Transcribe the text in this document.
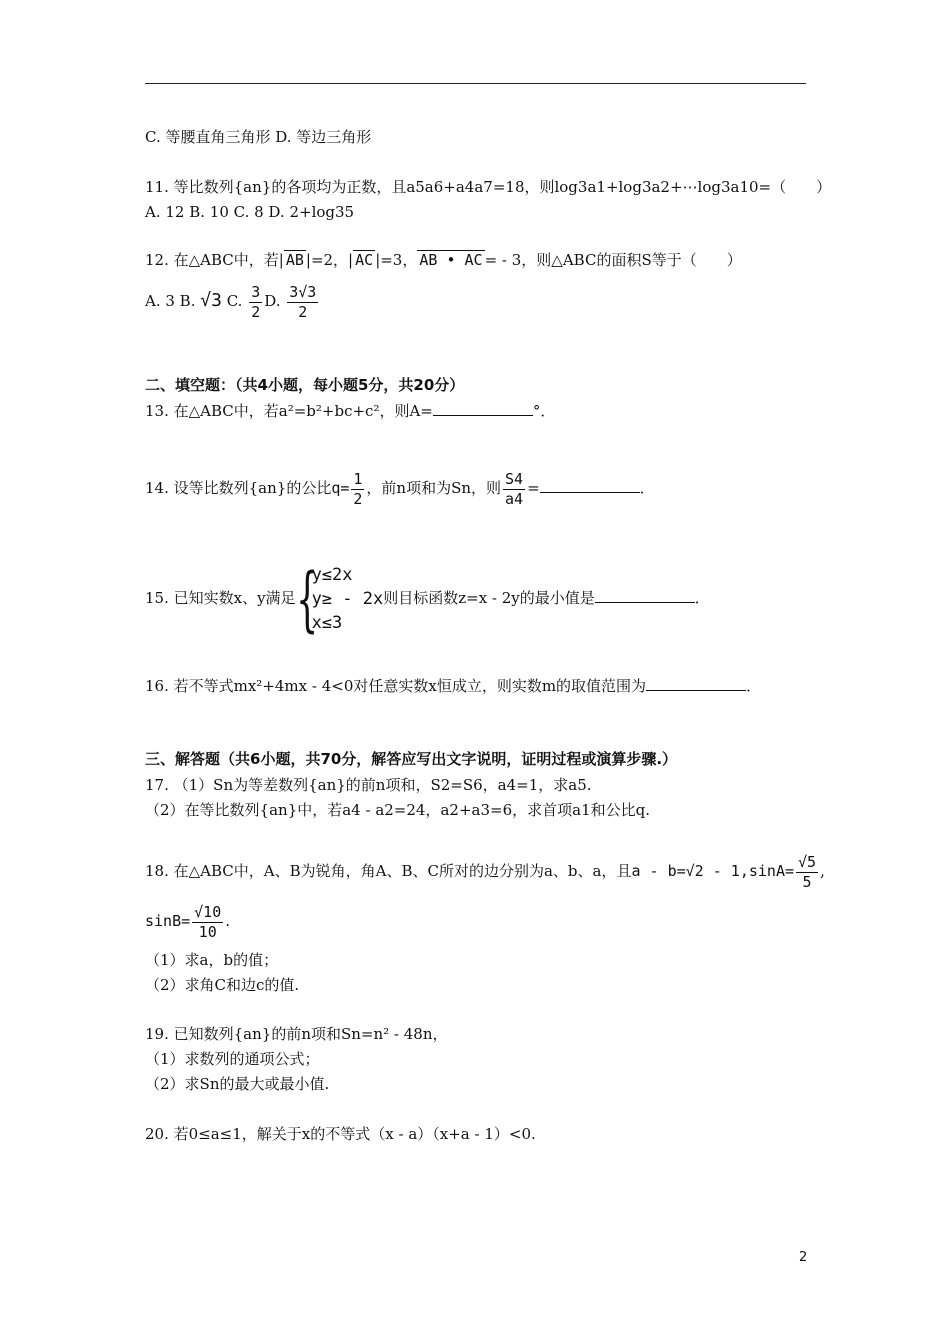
C. 等腰直角三角形 D. 等边三角形
11. 等比数列{an}的各项均为正数，且a5a6+a4a7=18，则log3a1+log3a2+⋯log3a10=（　　）
A. 12 B. 10 C. 8 D. 2+log35
12. 在△ABC中，若| AB |=2，| AC |=3， AB • AC = - 3，则△ABC的面积S等于（　　）
A. 3 B. √3 C. $\frac{3}{2} D$. $\frac{3√3}{2}$
二、填空题：（共4小题，每小题5分，共20分）
13. 在△ABC中，若a²=b²+bc+c²，则A=	°．
14. 设等比数列{an}的公比$q= \frac{1}{2}$ ，前n项和为Sn，则 $\frac{S4}{a4}$ =	．
15. 已知实数x、y满足 {
y≤2x
y≥ - 2x
x≤3
则目标函数z=x - 2y的最小值是	．
16. 若不等式mx²+4mx - 4<0对任意实数x恒成立，则实数m的取值范围为	．
三、解答题（共6小题，共70分，解答应写出文字说明，证明过程或演算步骤.）
17. （1）Sn为等差数列{an}的前n项和，S2=S6，a4=1，求a5.
（2）在等比数列{an}中，若a4 - a2=24，a2+a3=6，求首项a1和公比q.
18. 在△ABC中，A、B为锐角，角A、B、C所对的边分别为a、b、a，且$a - b=√2 - 1,\sin A= \frac{√5}{5}$ ,
$\sin B= \frac{√10}{10}$ .
（1）求a，b的值；
（2）求角C和边c的值.
19. 已知数列{an}的前n项和Sn=n² - 48n，
（1）求数列的通项公式；
（2）求Sn的最大或最小值.
20. 若0≤a≤1，解关于x的不等式（x - a）（x+a - 1）<0.
2
